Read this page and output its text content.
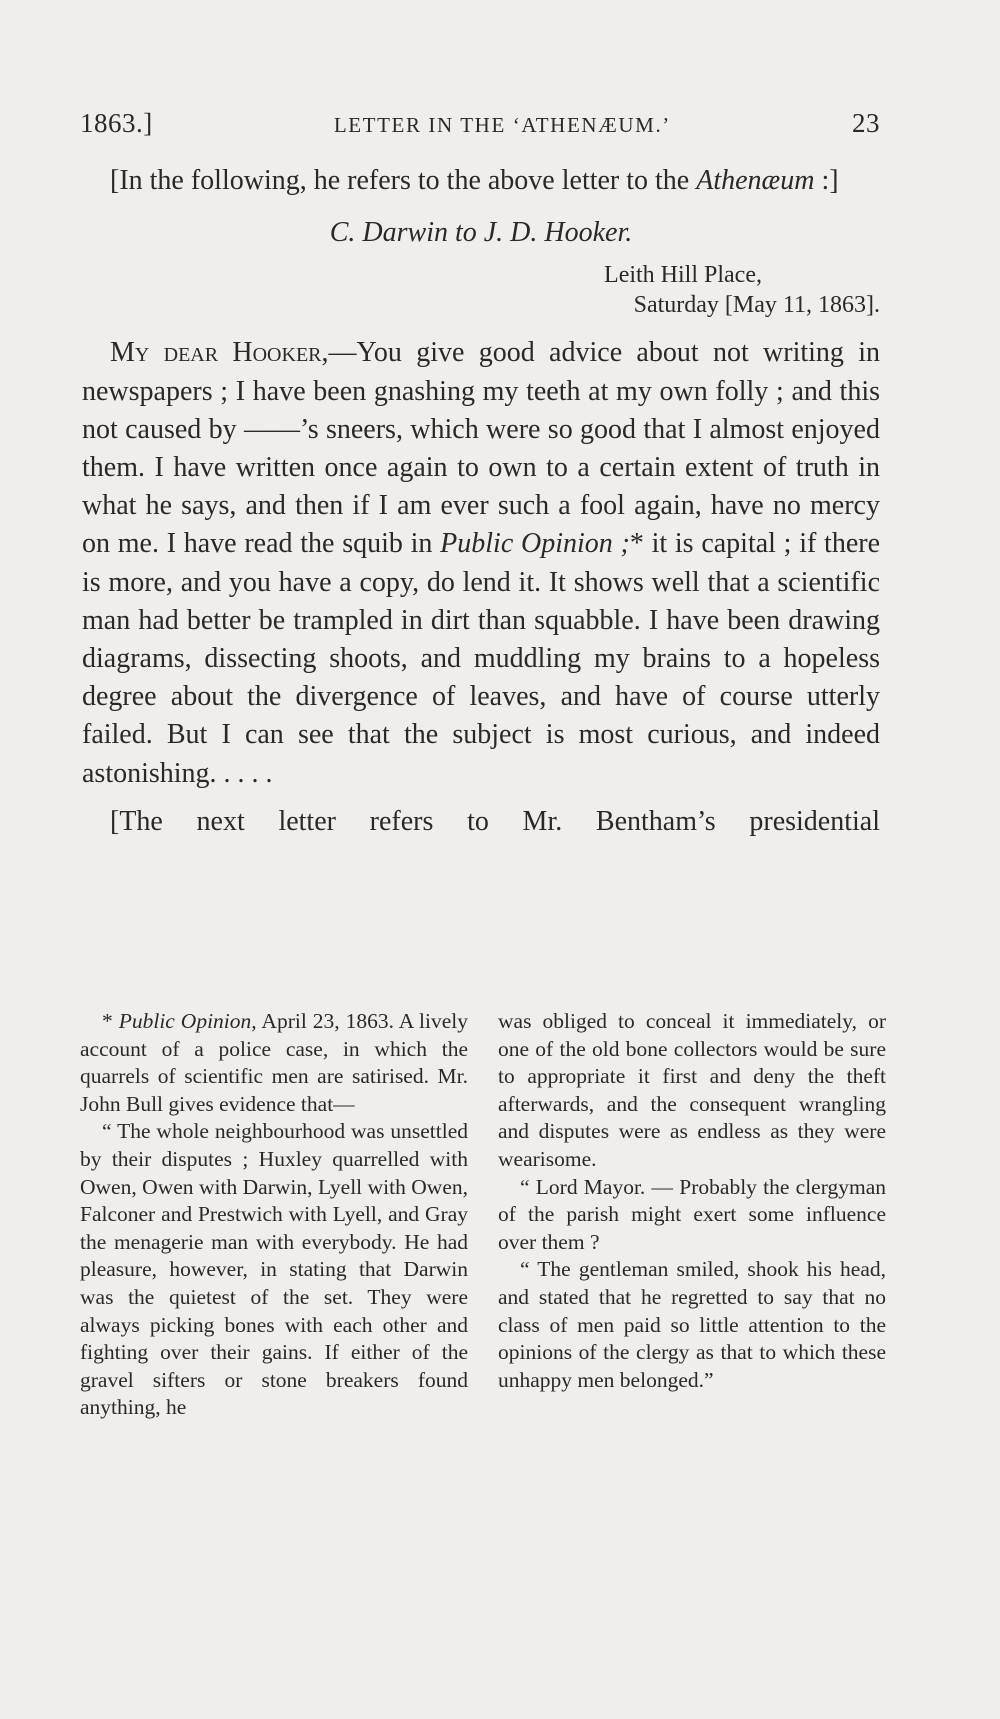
1863.]	LETTER IN THE ‘ATHENÆUM.’	23

[In the following, he refers to the above letter to the Athenæum :]

C. Darwin to J. D. Hooker.

Leith Hill Place,
Saturday [May 11, 1863].

My dear Hooker,—You give good advice about not writing in newspapers ; I have been gnashing my teeth at my own folly ; and this not caused by ——’s sneers, which were so good that I almost enjoyed them. I have written once again to own to a certain extent of truth in what he says, and then if I am ever such a fool again, have no mercy on me. I have read the squib in Public Opinion ;* it is capital ; if there is more, and you have a copy, do lend it. It shows well that a scientific man had better be trampled in dirt than squabble. I have been drawing diagrams, dissecting shoots, and muddling my brains to a hopeless degree about the divergence of leaves, and have of course utterly failed. But I can see that the subject is most curious, and indeed astonishing. . . . .

[The next letter refers to Mr. Bentham’s presidential

* Public Opinion, April 23, 1863. A lively account of a police case, in which the quarrels of scientific men are satirised. Mr. John Bull gives evidence that—

“ The whole neighbourhood was unsettled by their disputes ; Huxley quarrelled with Owen, Owen with Darwin, Lyell with Owen, Falconer and Prestwich with Lyell, and Gray the menagerie man with everybody. He had pleasure, however, in stating that Darwin was the quietest of the set. They were always picking bones with each other and fighting over their gains. If either of the gravel sifters or stone breakers found anything, he

was obliged to conceal it immediately, or one of the old bone collectors would be sure to appropriate it first and deny the theft afterwards, and the consequent wrangling and disputes were as endless as they were wearisome.

“ Lord Mayor. — Probably the clergyman of the parish might exert some influence over them ?

“ The gentleman smiled, shook his head, and stated that he regretted to say that no class of men paid so little attention to the opinions of the clergy as that to which these unhappy men belonged.”
